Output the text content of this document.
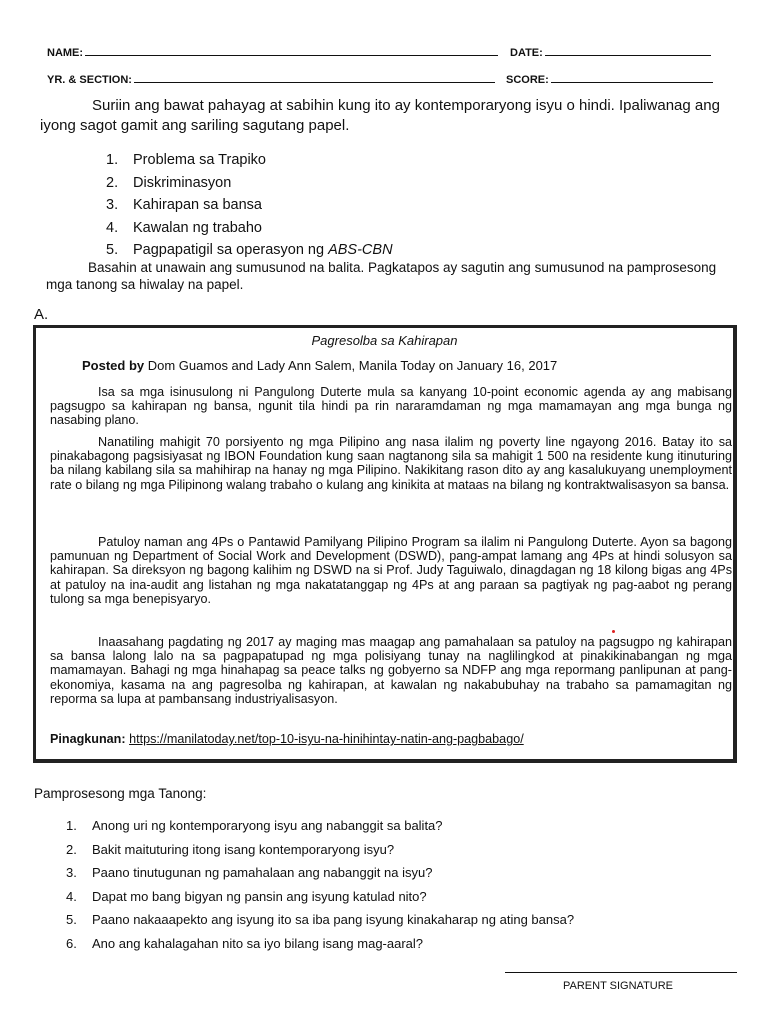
NAME:	DATE:
YR. & SECTION:	SCORE:
Suriin ang bawat pahayag at sabihin kung ito ay kontemporaryong isyu o hindi. Ipaliwanag ang iyong sagot gamit ang sariling sagutang papel.
1. Problema sa Trapiko
2. Diskriminasyon
3. Kahirapan sa bansa
4. Kawalan ng trabaho
5. Pagpapatigil sa operasyon ng ABS-CBN
Basahin at unawain ang sumusunod na balita. Pagkatapos ay sagutin ang sumusunod na pamprosesong mga tanong sa hiwalay na papel.
A.
Pagresolba sa Kahirapan
Posted by Dom Guamos and Lady Ann Salem, Manila Today on January 16, 2017

Isa sa mga isinusulong ni Pangulong Duterte mula sa kanyang 10-point economic agenda ay ang mabisang pagsugpo sa kahirapan ng bansa, ngunit tila hindi pa rin nararamdaman ng mga mamamayan ang mga bunga ng nasabing plano.

Nanatiling mahigit 70 porsiyento ng mga Pilipino ang nasa ilalim ng poverty line ngayong 2016. Batay ito sa pinakabagong pagsisiyasat ng IBON Foundation kung saan nagtanong sila sa mahigit 1 500 na residente kung itinuturing ba nilang kabilang sila sa mahihirap na hanay ng mga Pilipino. Nakikitang rason dito ay ang kasalukuyang unemployment rate o bilang ng mga Pilipinong walang trabaho o kulang ang kinikita at mataas na bilang ng kontraktwalisasyon sa bansa.

Patuloy naman ang 4Ps o Pantawid Pamilyang Pilipino Program sa ilalim ni Pangulong Duterte. Ayon sa bagong pamunuan ng Department of Social Work and Development (DSWD), pang-ampat lamang ang 4Ps at hindi solusyon sa kahirapan. Sa direksyon ng bagong kalihim ng DSWD na si Prof. Judy Taguiwalo, dinagdagan ng 18 kilong bigas ang 4Ps at patuloy na ina-audit ang listahan ng mga nakatatanggap ng 4Ps at ang paraan sa pagtiyak ng pag-aabot ng perang tulong sa mga benepisyaryo.

Inaasahang pagdating ng 2017 ay maging mas maagap ang pamahalaan sa patuloy na pagsugpo ng kahirapan sa bansa lalong lalo na sa pagpapatupad ng mga polisiyang tunay na naglilingkod at pinakikinabangan ng mga mamamayan. Bahagi ng mga hinahapag sa peace talks ng gobyerno sa NDFP ang mga repormang panlipunan at pang-ekonomiya, kasama na ang pagresolba ng kahirapan, at kawalan ng nakabubuhay na trabaho sa pamamagitan ng reporma sa lupa at pambansang industriyalisasyon.

Pinagkunan: https://manilatoday.net/top-10-isyu-na-hinihintay-natin-ang-pagbabago/
Pamprosesong mga Tanong:
1. Anong uri ng kontemporaryong isyu ang nabanggit sa balita?
2. Bakit maituturing itong isang kontemporaryong isyu?
3. Paano tinutugunan ng pamahalaan ang nabanggit na isyu?
4. Dapat mo bang bigyan ng pansin ang isyung katulad nito?
5. Paano nakaaapekto ang isyung ito sa iba pang isyung kinakaharap ng ating bansa?
6. Ano ang kahalagahan nito sa iyo bilang isang mag-aaral?
PARENT SIGNATURE
